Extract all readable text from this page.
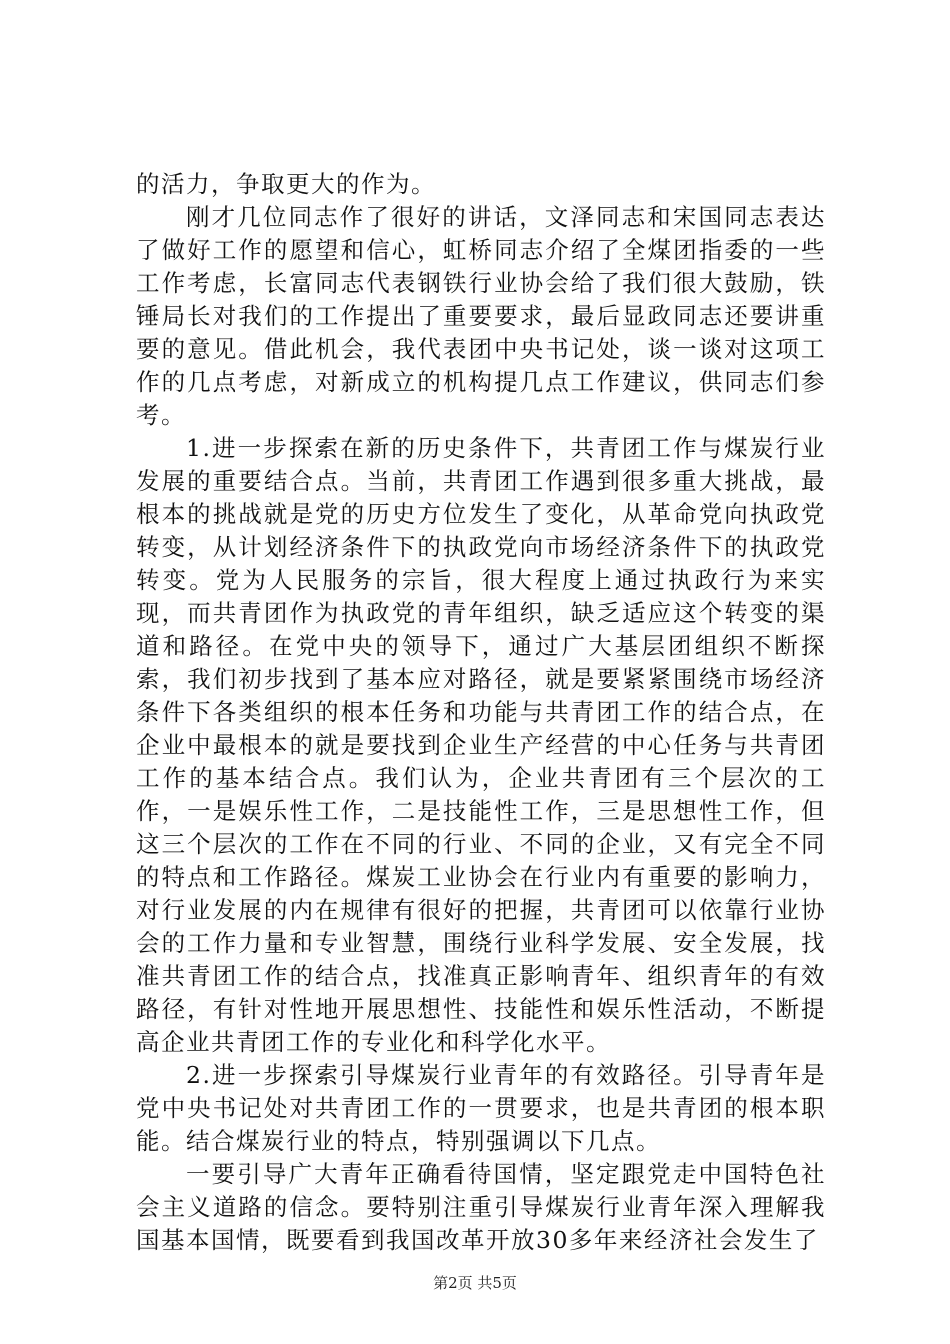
的活力，争取更大的作为。

刚才几位同志作了很好的讲话，文泽同志和宋国同志表达了做好工作的愿望和信心，虹桥同志介绍了全煤团指委的一些工作考虑，长富同志代表钢铁行业协会给了我们很大鼓励，铁锤局长对我们的工作提出了重要要求，最后显政同志还要讲重要的意见。借此机会，我代表团中央书记处，谈一谈对这项工作的几点考虑，对新成立的机构提几点工作建议，供同志们参考。

1.进一步探索在新的历史条件下，共青团工作与煤炭行业发展的重要结合点。当前，共青团工作遇到很多重大挑战，最根本的挑战就是党的历史方位发生了变化，从革命党向执政党转变，从计划经济条件下的执政党向市场经济条件下的执政党转变。党为人民服务的宗旨，很大程度上通过执政行为来实现，而共青团作为执政党的青年组织，缺乏适应这个转变的渠道和路径。在党中央的领导下，通过广大基层团组织不断探索，我们初步找到了基本应对路径，就是要紧紧围绕市场经济条件下各类组织的根本任务和功能与共青团工作的结合点，在企业中最根本的就是要找到企业生产经营的中心任务与共青团工作的基本结合点。我们认为，企业共青团有三个层次的工作，一是娱乐性工作，二是技能性工作，三是思想性工作，但这三个层次的工作在不同的行业、不同的企业，又有完全不同的特点和工作路径。煤炭工业协会在行业内有重要的影响力，对行业发展的内在规律有很好的把握，共青团可以依靠行业协会的工作力量和专业智慧，围绕行业科学发展、安全发展，找准共青团工作的结合点，找准真正影响青年、组织青年的有效路径，有针对性地开展思想性、技能性和娱乐性活动，不断提高企业共青团工作的专业化和科学化水平。

2.进一步探索引导煤炭行业青年的有效路径。引导青年是党中央书记处对共青团工作的一贯要求，也是共青团的根本职能。结合煤炭行业的特点，特别强调以下几点。

一要引导广大青年正确看待国情，坚定跟党走中国特色社会主义道路的信念。要特别注重引导煤炭行业青年深入理解我国基本国情，既要看到我国改革开放30多年来经济社会发生了

第2页 共5页
